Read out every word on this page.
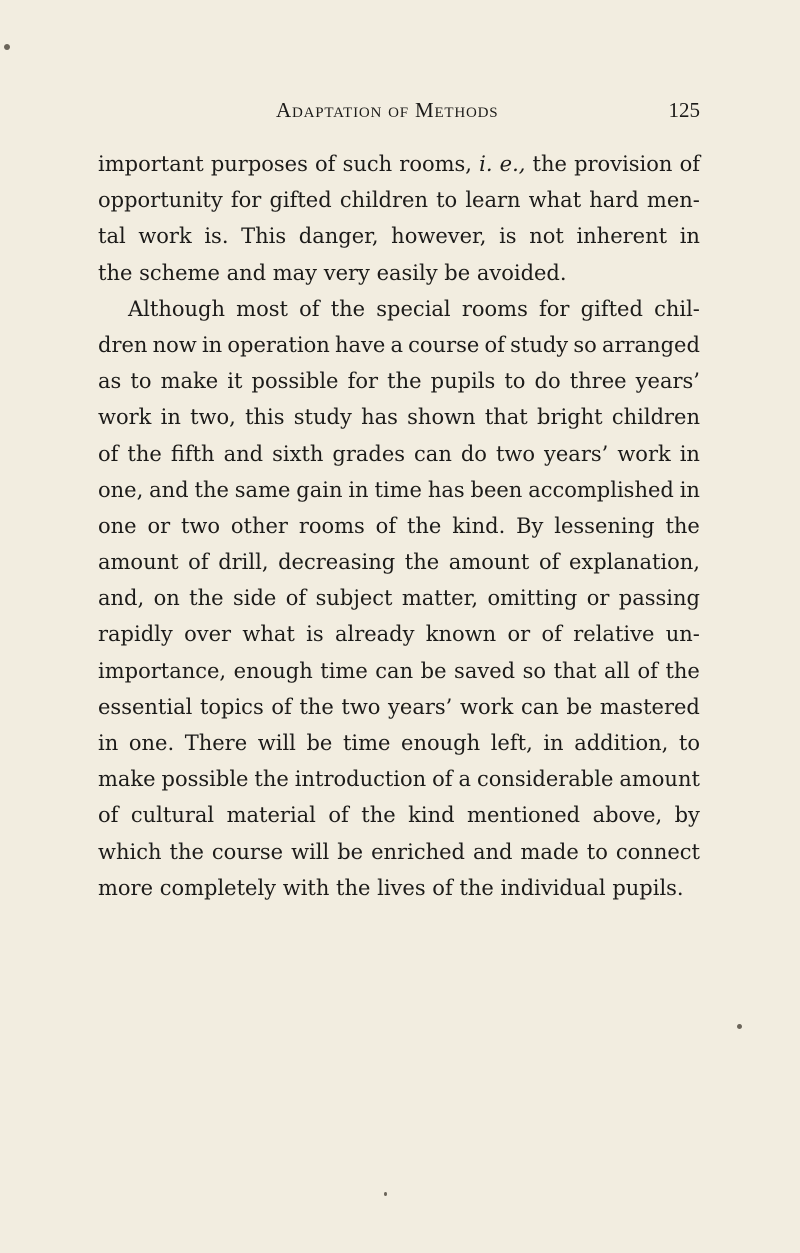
Adaptation of Methods	125
important purposes of such rooms, i. e., the provision of
opportunity for gifted children to learn what hard men-
tal work is. This danger, however, is not inherent in
the scheme and may very easily be avoided.
Although most of the special rooms for gifted chil-
dren now in operation have a course of study so arranged
as to make it possible for the pupils to do three years’
work in two, this study has shown that bright children
of the fifth and sixth grades can do two years’ work in
one, and the same gain in time has been accomplished in
one or two other rooms of the kind. By lessening the
amount of drill, decreasing the amount of explanation,
and, on the side of subject matter, omitting or passing
rapidly over what is already known or of relative un-
importance, enough time can be saved so that all of the
essential topics of the two years’ work can be mastered
in one. There will be time enough left, in addition, to
make possible the introduction of a considerable amount
of cultural material of the kind mentioned above, by
which the course will be enriched and made to connect
more completely with the lives of the individual pupils.
